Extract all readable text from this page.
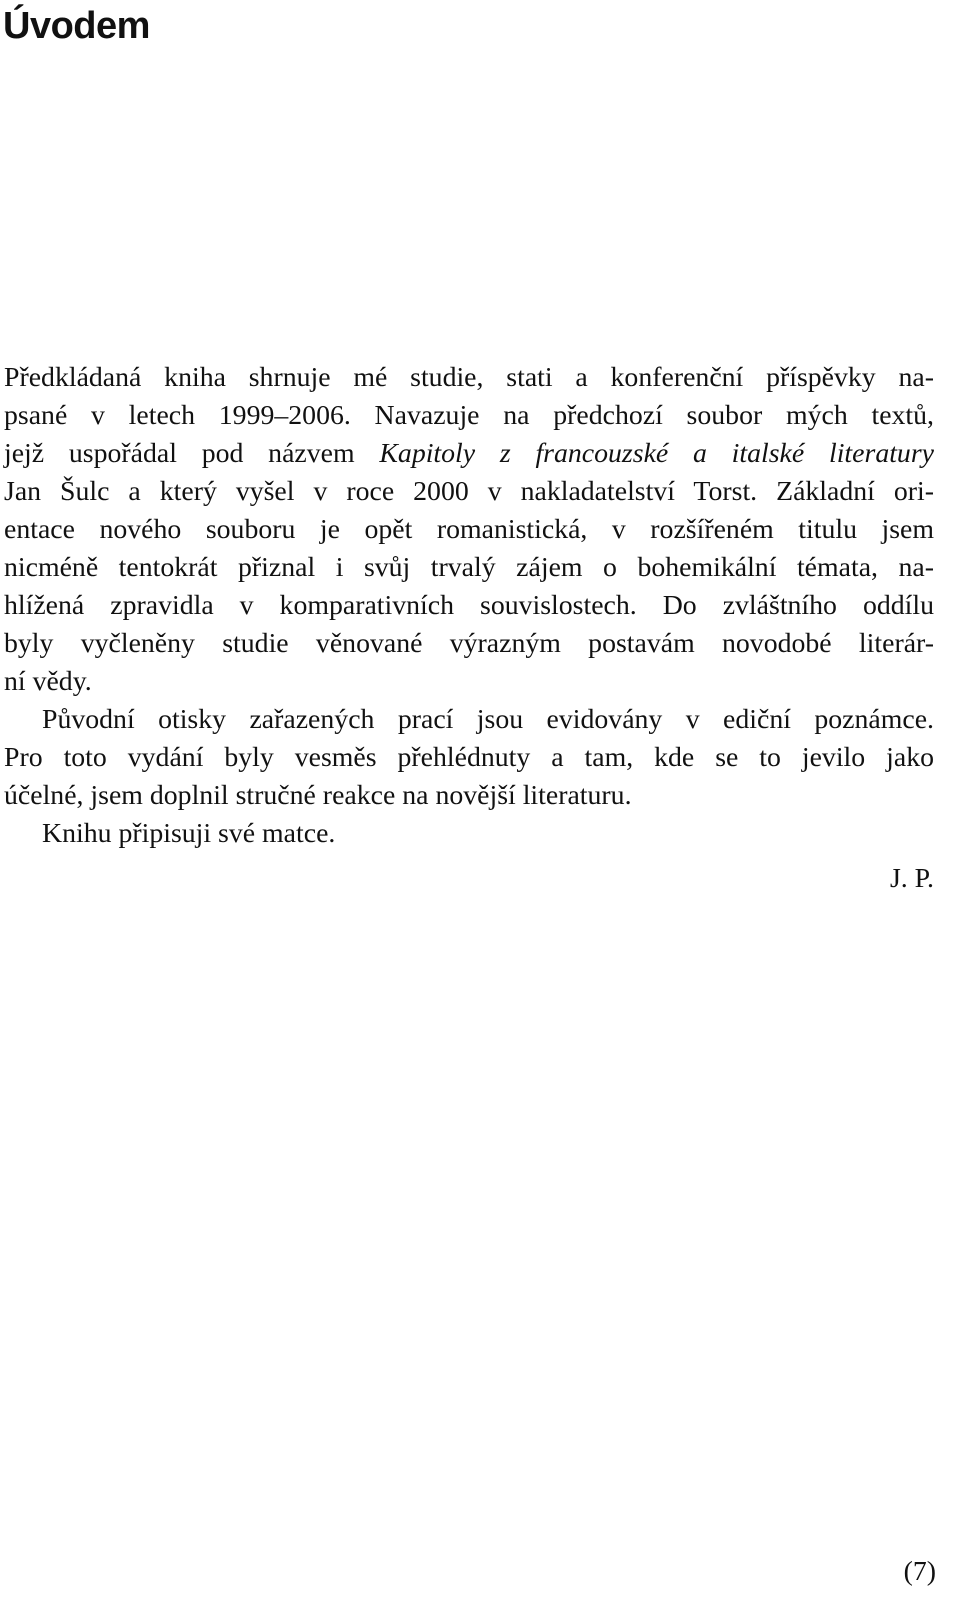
Úvodem
Předkládaná kniha shrnuje mé studie, stati a konferenční příspěvky na-
psané v letech 1999–2006. Navazuje na předchozí soubor mých textů,
jejž uspořádal pod názvem Kapitoly z francouzské a italské literatury
Jan Šulc a který vyšel v roce 2000 v nakladatelství Torst. Základní ori-
entace nového souboru je opět romanistická, v rozšířeném titulu jsem
nicméně tentokrát přiznal i svůj trvalý zájem o bohemikální témata, na-
hlížená zpravidla v komparativních souvislostech. Do zvláštního oddílu
byly vyčleněny studie věnované výrazným postavám novodobé literár-
ní vědy.
Původní otisky zařazených prací jsou evidovány v ediční poznámce.
Pro toto vydání byly vesměs přehlédnuty a tam, kde se to jevilo jako
účelné, jsem doplnil stručné reakce na novější literaturu.
Knihu připisuji své matce.
J. P.
(7)
